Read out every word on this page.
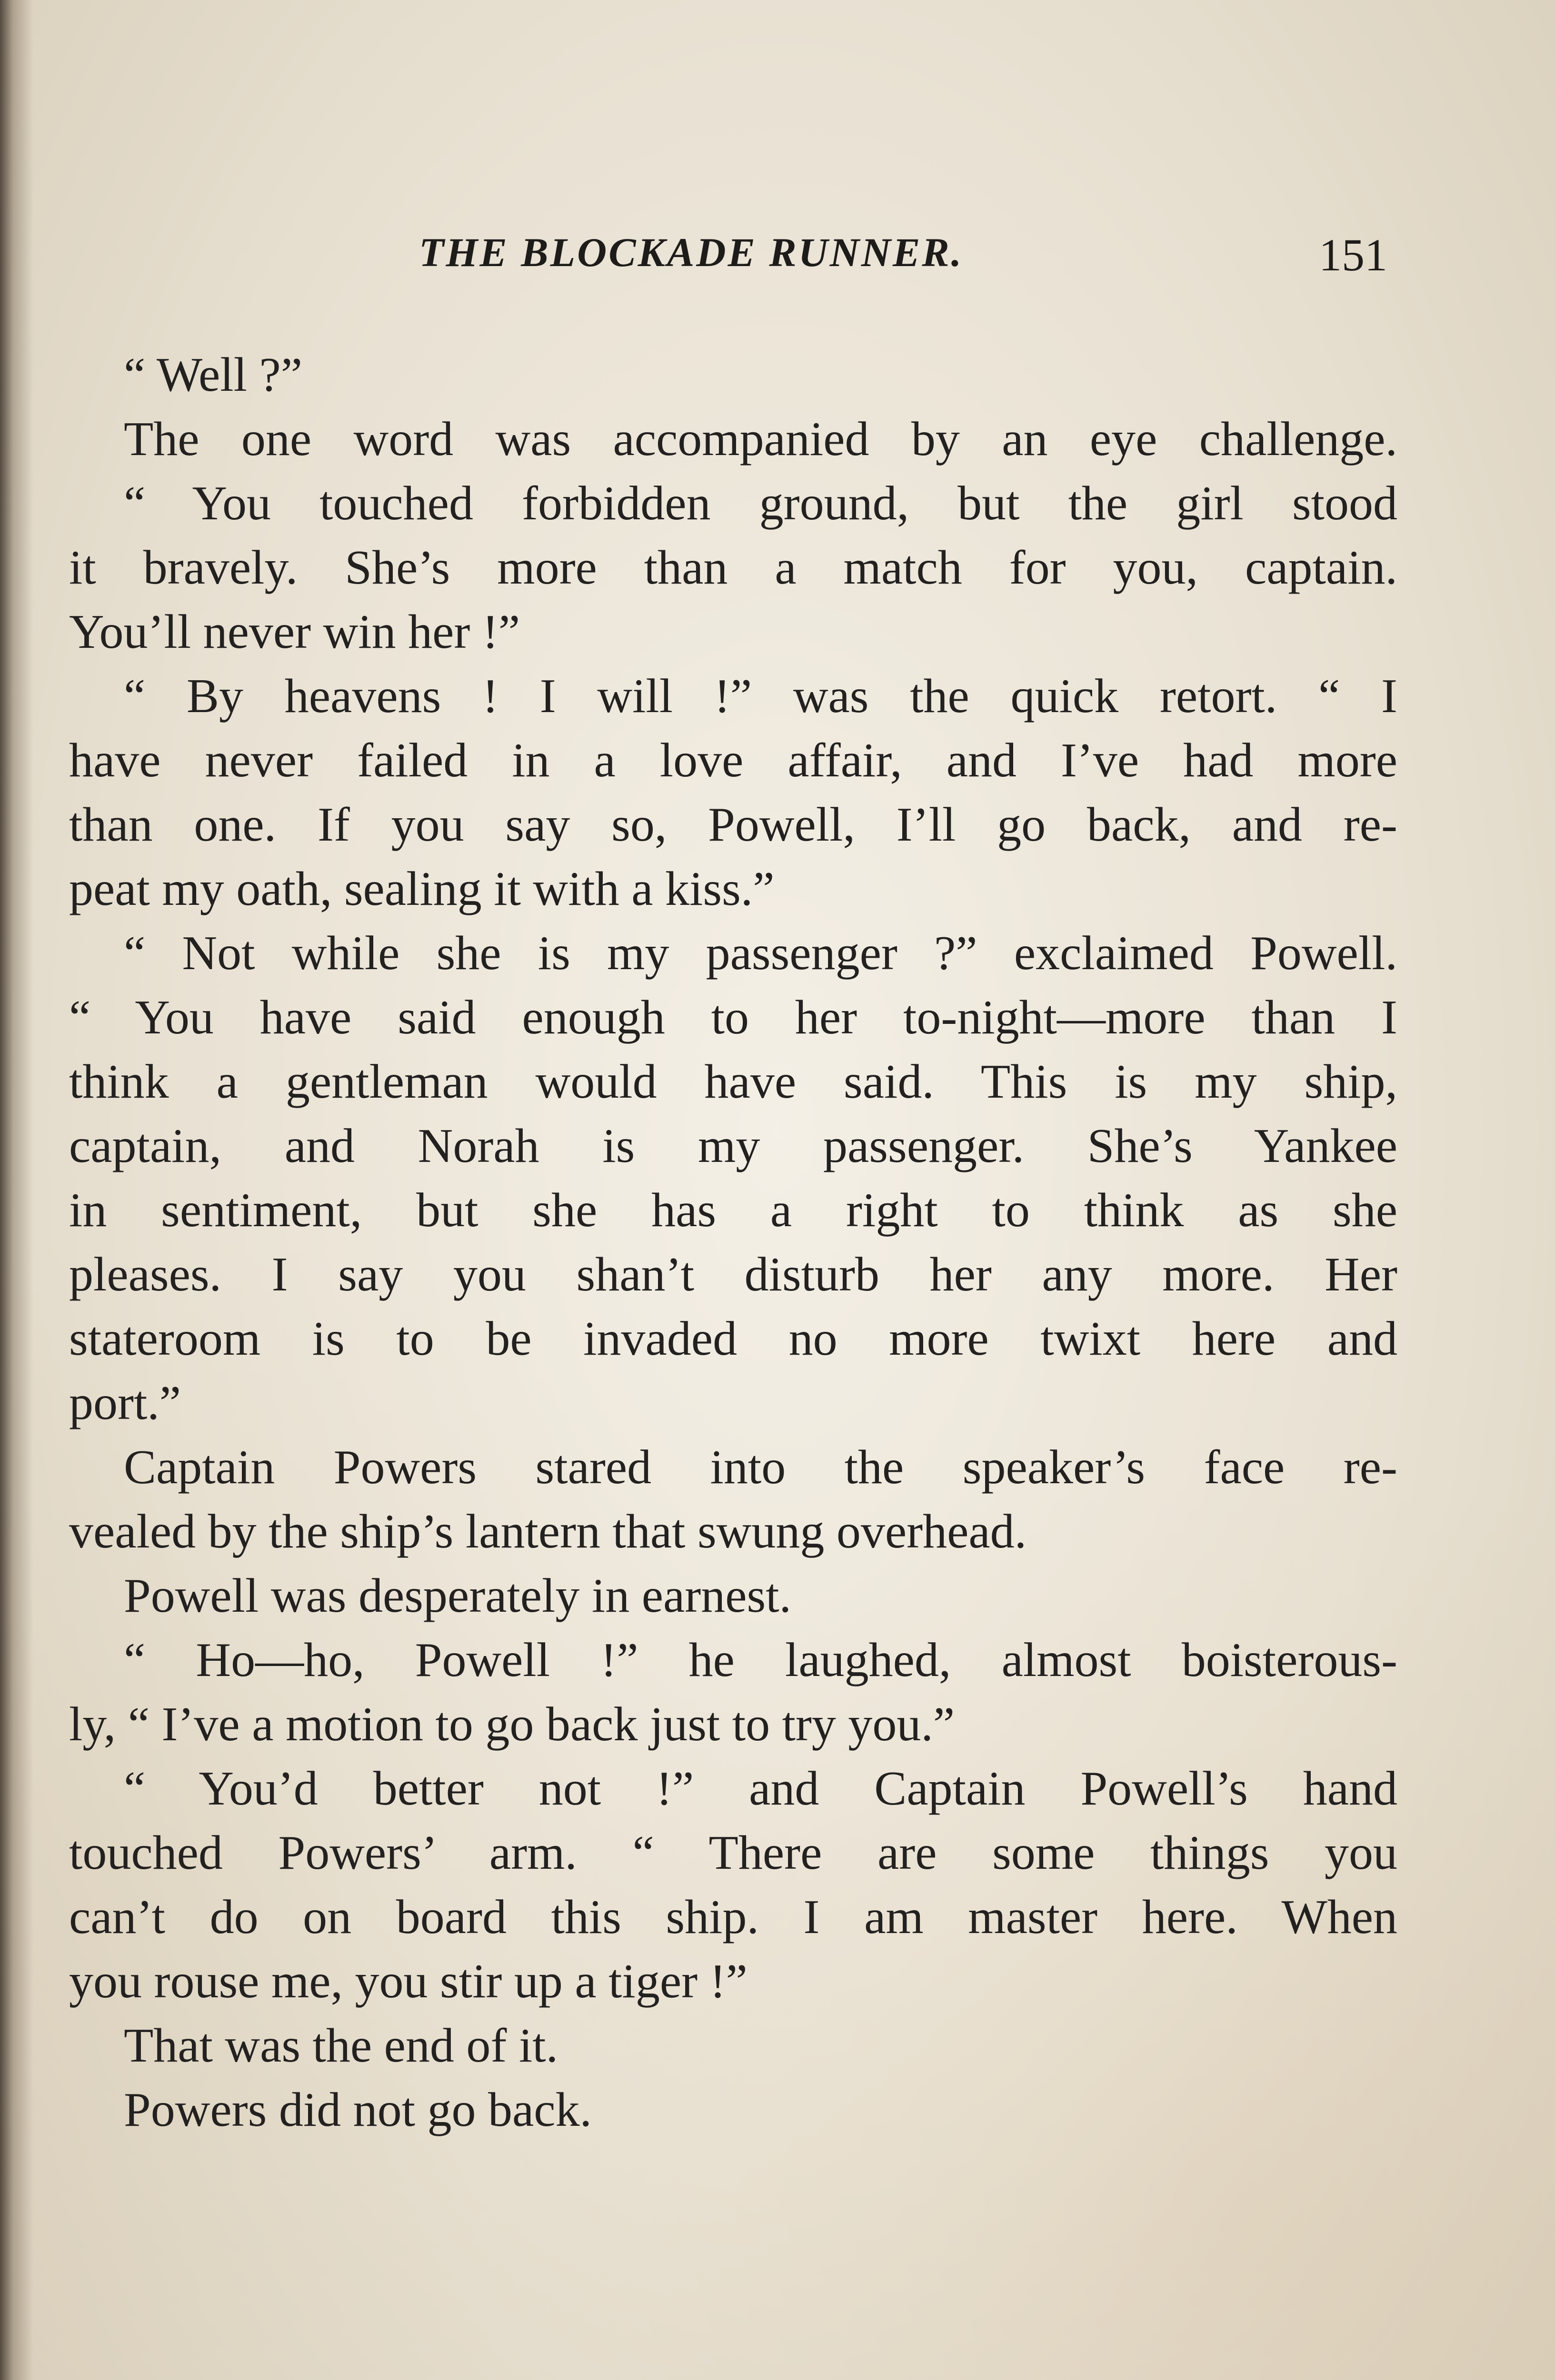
THE BLOCKADE RUNNER.	151
“ Well ?”
The one word was accompanied by an eye challenge.
“ You touched forbidden ground, but the girl stood
it bravely. She’s more than a match for you, captain.
You’ll never win her !”
“ By heavens ! I will !” was the quick retort. “ I
have never failed in a love affair, and I’ve had more
than one. If you say so, Powell, I’ll go back, and re-
peat my oath, sealing it with a kiss.”
“ Not while she is my passenger ?” exclaimed Powell.
“ You have said enough to her to-night—more than I
think a gentleman would have said. This is my ship,
captain, and Norah is my passenger. She’s Yankee
in sentiment, but she has a right to think as she
pleases. I say you shan’t disturb her any more. Her
stateroom is to be invaded no more twixt here and
port.”
Captain Powers stared into the speaker’s face re-
vealed by the ship’s lantern that swung overhead.
Powell was desperately in earnest.
“ Ho—ho, Powell !” he laughed, almost boisterous-
ly, “ I’ve a motion to go back just to try you.”
“ You’d better not !” and Captain Powell’s hand
touched Powers’ arm. “ There are some things you
can’t do on board this ship. I am master here. When
you rouse me, you stir up a tiger !”
That was the end of it.
Powers did not go back.
